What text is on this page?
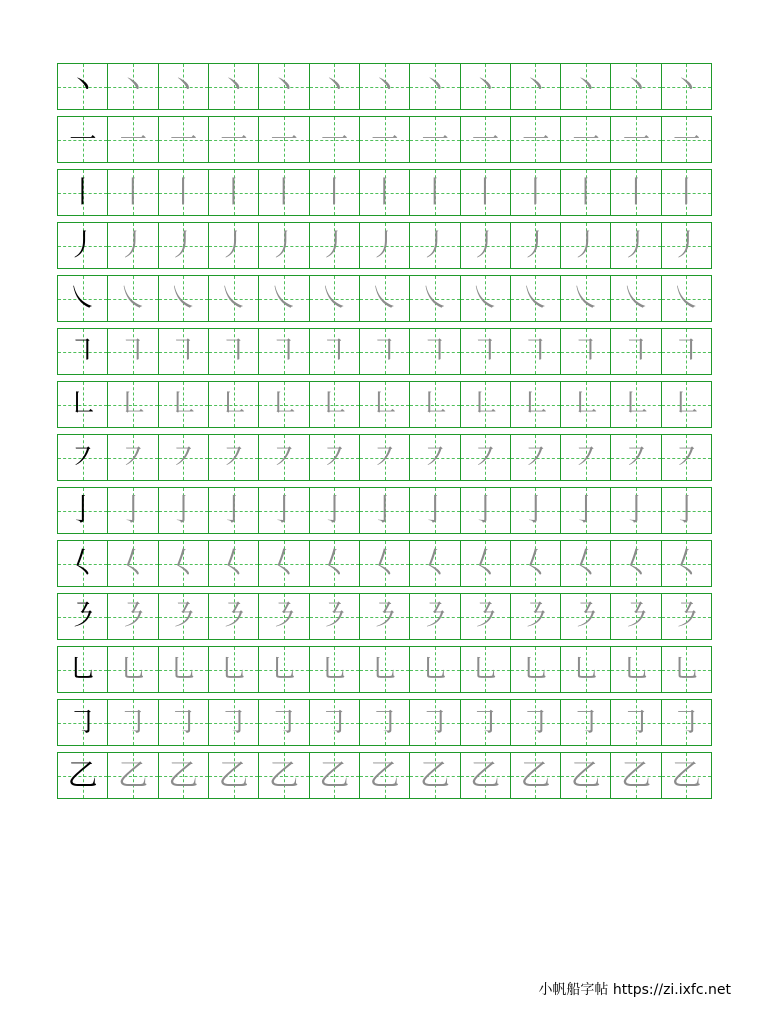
丶 丶 丶 丶 丶 丶 丶 丶 丶 丶 丶 丶 丶
㇐ ㇐ ㇐ ㇐ ㇐ ㇐ ㇐ ㇐ ㇐ ㇐ ㇐ ㇐ ㇐
丨 丨 丨 丨 丨 丨 丨 丨 丨 丨 丨 丨 丨
丿 丿 丿 丿 丿 丿 丿 丿 丿 丿 丿 丿 丿
㇏ ㇏ ㇏ ㇏ ㇏ ㇏ ㇏ ㇏ ㇏ ㇏ ㇏ ㇏ ㇏
㇕ ㇕ ㇕ ㇕ ㇕ ㇕ ㇕ ㇕ ㇕ ㇕ ㇕ ㇕ ㇕
㇗ ㇗ ㇗ ㇗ ㇗ ㇗ ㇗ ㇗ ㇗ ㇗ ㇗ ㇗ ㇗
㇇ ㇇ ㇇ ㇇ ㇇ ㇇ ㇇ ㇇ ㇇ ㇇ ㇇ ㇇ ㇇
亅 亅 亅 亅 亅 亅 亅 亅 亅 亅 亅 亅 亅
𡿨 𡿨 𡿨 𡿨 𡿨 𡿨 𡿨 𡿨 𡿨 𡿨 𡿨 𡿨 𡿨
㇋ ㇋ ㇋ ㇋ ㇋ ㇋ ㇋ ㇋ ㇋ ㇋ ㇋ ㇋ ㇋
㇟ ㇟ ㇟ ㇟ ㇟ ㇟ ㇟ ㇟ ㇟ ㇟ ㇟ ㇟ ㇟
㇆ ㇆ ㇆ ㇆ ㇆ ㇆ ㇆ ㇆ ㇆ ㇆ ㇆ ㇆ ㇆
乙 乙 乙 乙 乙 乙 乙 乙 乙 乙 乙 乙 乙
小帆船字帖 https://zi.ixfc.net
